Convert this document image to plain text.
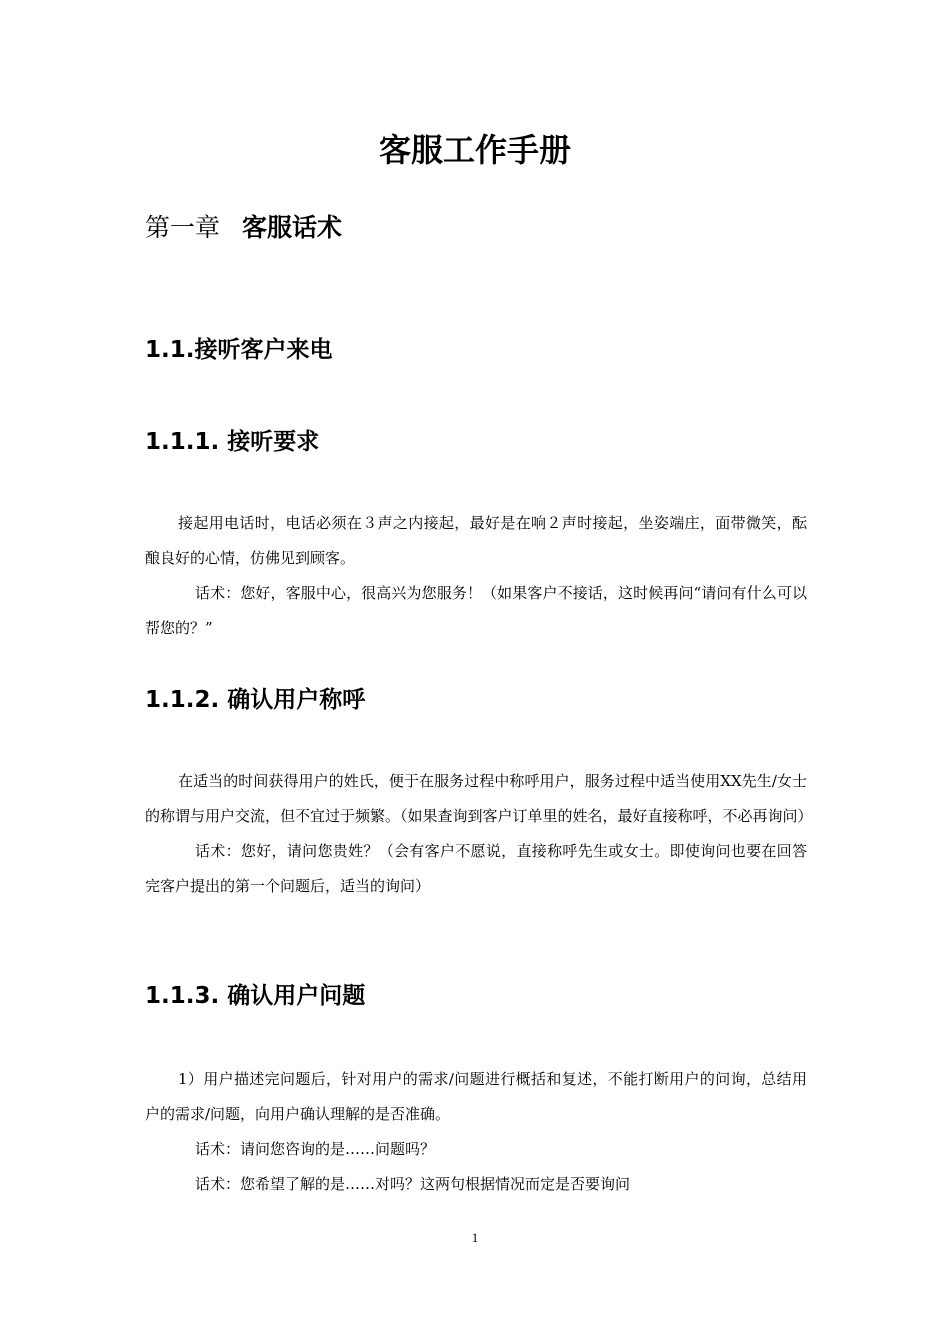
客服工作手册
第一章 客服话术
1.1.接听客户来电
1.1.1. 接听要求

接起用电话时，电话必须在３声之内接起，最好是在响２声时接起，坐姿端庄，面带微笑，酝酿良好的心情，仿佛见到顾客。

话术：您好，客服中心，很高兴为您服务！（如果客户不接话，这时候再问“请问有什么可以帮您的？”

1.1.2. 确认用户称呼

在适当的时间获得用户的姓氏，便于在服务过程中称呼用户，服务过程中适当使用XX先生/女士的称谓与用户交流，但不宜过于频繁。（如果查询到客户订单里的姓名，最好直接称呼，不必再询问）

话术：您好，请问您贵姓？（会有客户不愿说，直接称呼先生或女士。即使询问也要在回答完客户提出的第一个问题后，适当的询问）

1.1.3. 确认用户问题

1）用户描述完问题后，针对用户的需求/问题进行概括和复述，不能打断用户的问询，总结用户的需求/问题，向用户确认理解的是否准确。

话术：请问您咨询的是……问题吗？
话术：您希望了解的是……对吗？这两句根据情况而定是否要询问
1
